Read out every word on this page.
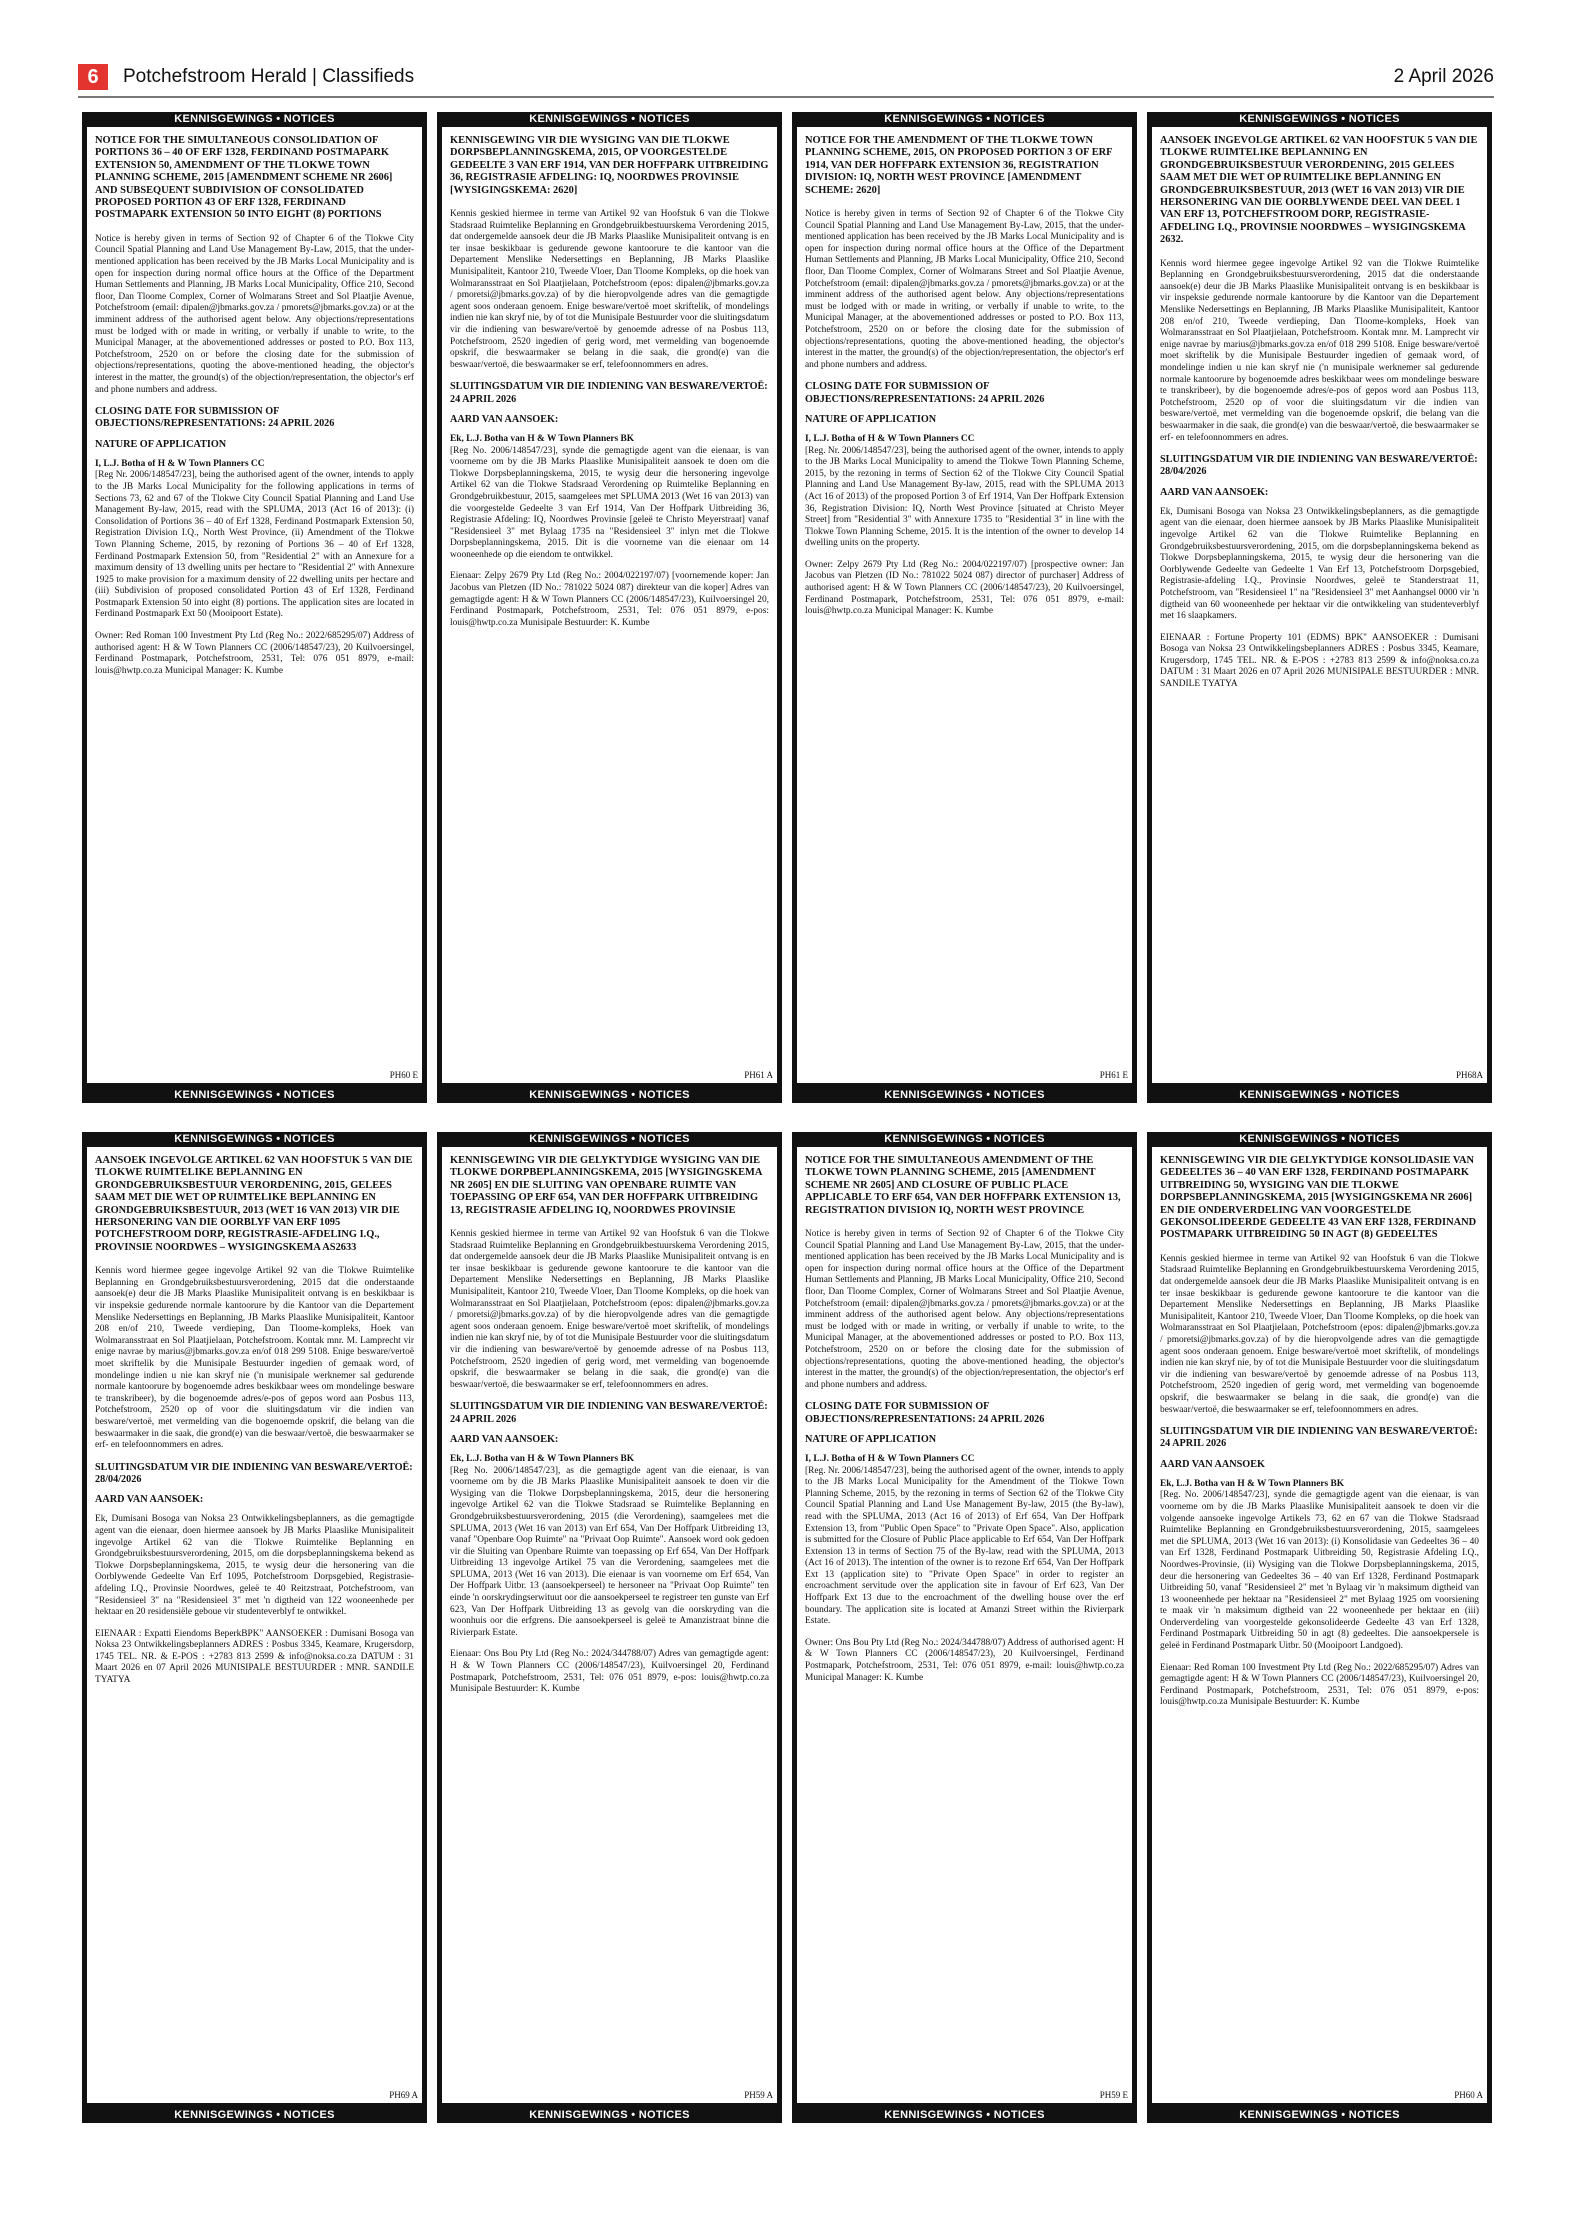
6	Potchefstroom Herald | Classifieds	2 April 2026
KENNISGEWINGS • NOTICES
NOTICE FOR THE SIMULTANEOUS CONSOLIDATION OF PORTIONS 36 – 40 OF ERF 1328, FERDINAND POSTMAPARK EXTENSION 50, AMENDMENT OF THE TLOKWE TOWN PLANNING SCHEME, 2015 [AMENDMENT SCHEME NR 2606] AND SUBSEQUENT SUBDIVISION OF CONSOLIDATED PROPOSED PORTION 43 OF ERF 1328, FERDINAND POSTMAPARK EXTENSION 50 INTO EIGHT (8) PORTIONS
Notice is hereby given in terms of Section 92 of Chapter 6 of the Tlokwe City Council Spatial Planning and Land Use Management By-Law, 2015, that the under-mentioned application has been received by the JB Marks Local Municipality and is open for inspection during normal office hours at the Office of the Department Human Settlements and Planning, JB Marks Local Municipality, Office 210, Second floor, Dan Tloome Complex, Corner of Wolmarans Street and Sol Plaatjie Avenue, Potchefstroom (email: dipalen@jbmarks.gov.za / pmorets@jbmarks.gov.za) or at the imminent address of the authorised agent below. Any objections/representations must be lodged with or made in writing, or verbally if unable to write, to the Municipal Manager, at the abovementioned addresses or posted to P.O. Box 113, Potchefstroom, 2520 on or before the closing date for the submission of objections/representations, quoting the above-mentioned heading, the objector's interest in the matter, the ground(s) of the objection/representation, the objector's erf and phone numbers and address.
CLOSING DATE FOR SUBMISSION OF OBJECTIONS/REPRESENTATIONS: 24 APRIL 2026
NATURE OF APPLICATION
I, L.J. Botha of H & W Town Planners CC
[Reg Nr. 2006/148547/23], being the authorised agent of the owner, intends to apply to the JB Marks Local Municipality for the following applications in terms of Sections 73, 62 and 67 of the Tlokwe City Council Spatial Planning and Land Use Management By-law, 2015, read with the SPLUMA, 2013 (Act 16 of 2013): (i) Consolidation of Portions 36 – 40 of Erf 1328, Ferdinand Postmapark Extension 50, Registration Division I.Q., North West Province, (ii) Amendment of the Tlokwe Town Planning Scheme, 2015, by rezoning of Portions 36 – 40 of Erf 1328, Ferdinand Postmapark Extension 50, from "Residential 2" with an Annexure for a maximum density of 13 dwelling units per hectare to "Residential 2" with Annexure 1925 to make provision for a maximum density of 22 dwelling units per hectare and (iii) Subdivision of proposed consolidated Portion 43 of Erf 1328, Ferdinand Postmapark Extension 50 into eight (8) portions. The application sites are located in Ferdinand Postmapark Ext 50 (Mooipoort Estate).
Owner: Red Roman 100 Investment Pty Ltd (Reg No.: 2022/685295/07) Address of authorised agent: H & W Town Planners CC (2006/148547/23), 20 Kuilvoersingel, Ferdinand Postmapark, Potchefstroom, 2531, Tel: 076 051 8979, e-mail: louis@hwtp.co.za Municipal Manager: K. Kumbe
PH60 E
KENNISGEWINGS • NOTICES
KENNISGEWINGS • NOTICES
KENNISGEWING VIR DIE WYSIGING VAN DIE TLOKWE DORPSBEPLANNINGSKEMA, 2015, OP VOORGESTELDE GEDEELTE 3 VAN ERF 1914, VAN DER HOFFPARK UITBREIDING 36, REGISTRASIE AFDELING: IQ, NOORDWES PROVINSIE [WYSIGINGSKEMA: 2620]
Kennis geskied hiermee in terme van Artikel 92 van Hoofstuk 6 van die Tlokwe Stadsraad Ruimtelike Beplanning en Grondgebruikbestuurskema Verordening 2015, dat ondergemelde aansoek deur die JB Marks Plaaslike Munisipaliteit ontvang is en ter insae beskikbaar is gedurende gewone kantoorure te die kantoor van die Departement Menslike Nedersettings en Beplanning, JB Marks Plaaslike Munisipaliteit, Kantoor 210, Tweede Vloer, Dan Tloome Kompleks, op die hoek van Wolmaransstraat en Sol Plaatjielaan, Potchefstroom (epos: dipalen@jbmarks.gov.za / pmoretsi@jbmarks.gov.za) of by die hieropvolgende adres van die gemagtigde agent soos onderaan genoem. Enige besware/vertoë moet skriftelik, of mondelings indien nie kan skryf nie, by of tot die Munisipale Bestuurder voor die sluitingsdatum vir die indiening van besware/vertoë by genoemde adresse of na Posbus 113, Potchefstroom, 2520 ingedien of gerig word, met vermelding van bogenoemde opskrif, die beswaarmaker se belang in die saak, die grond(e) van die beswaar/vertoë, die beswaarmaker se erf, telefoonnommers en adres.
SLUITINGSDATUM VIR DIE INDIENING VAN BESWARE/VERTOË: 24 APRIL 2026
AARD VAN AANSOEK:
Ek, L.J. Botha van H & W Town Planners BK
[Reg No. 2006/148547/23], synde die gemagtigde agent van die eienaar, is van voorneme om by die JB Marks Plaaslike Munisipaliteit aansoek te doen om die Tlokwe Dorpsbeplanningskema, 2015, te wysig deur die hersonering ingevolge Artikel 62 van die Tlokwe Stadsraad Verordening op Ruimtelike Beplanning en Grondgebruikbestuur, 2015, saamgelees met SPLUMA 2013 (Wet 16 van 2013) van die voorgestelde Gedeelte 3 van Erf 1914, Van Der Hoffpark Uitbreiding 36, Registrasie Afdeling: IQ, Noordwes Provinsie [geleë te Christo Meyerstraat] vanaf "Residensieel 3" met Bylaag 1735 na "Residensieel 3" inlyn met die Tlokwe Dorpsbeplanningskema, 2015. Dit is die voorneme van die eienaar om 14 wooneenhede op die eiendom te ontwikkel.
Eienaar: Zelpy 2679 Pty Ltd (Reg No.: 2004/022197/07) [voornemende koper: Jan Jacobus van Pletzen (ID No.: 781022 5024 087) direkteur van die koper] Adres van gemagtigde agent: H & W Town Planners CC (2006/148547/23), Kuilvoersingel 20, Ferdinand Postmapark, Potchefstroom, 2531, Tel: 076 051 8979, e-pos: louis@hwtp.co.za Munisipale Bestuurder: K. Kumbe
PH61 A
KENNISGEWINGS • NOTICES
KENNISGEWINGS • NOTICES
NOTICE FOR THE AMENDMENT OF THE TLOKWE TOWN PLANNING SCHEME, 2015, ON PROPOSED PORTION 3 OF ERF 1914, VAN DER HOFFPARK EXTENSION 36, REGISTRATION DIVISION: IQ, NORTH WEST PROVINCE [AMENDMENT SCHEME: 2620]
Notice is hereby given in terms of Section 92 of Chapter 6 of the Tlokwe City Council Spatial Planning and Land Use Management By-Law, 2015, that the under-mentioned application has been received by the JB Marks Local Municipality and is open for inspection during normal office hours at the Office of the Department Human Settlements and Planning, JB Marks Local Municipality, Office 210, Second floor, Dan Tloome Complex, Corner of Wolmarans Street and Sol Plaatjie Avenue, Potchefstroom (email: dipalen@jbmarks.gov.za / pmorets@jbmarks.gov.za) or at the imminent address of the authorised agent below. Any objections/representations must be lodged with or made in writing, or verbally if unable to write, to the Municipal Manager, at the abovementioned addresses or posted to P.O. Box 113, Potchefstroom, 2520 on or before the closing date for the submission of objections/representations, quoting the above-mentioned heading, the objector's interest in the matter, the ground(s) of the objection/representation, the objector's erf and phone numbers and address.
CLOSING DATE FOR SUBMISSION OF OBJECTIONS/REPRESENTATIONS: 24 APRIL 2026
NATURE OF APPLICATION
I, L.J. Botha of H & W Town Planners CC
[Reg. Nr. 2006/148547/23], being the authorised agent of the owner, intends to apply to the JB Marks Local Municipality to amend the Tlokwe Town Planning Scheme, 2015, by the rezoning in terms of Section 62 of the Tlokwe City Council Spatial Planning and Land Use Management By-law, 2015, read with the SPLUMA 2013 (Act 16 of 2013) of the proposed Portion 3 of Erf 1914, Van Der Hoffpark Extension 36, Registration Division: IQ, North West Province [situated at Christo Meyer Street] from "Residential 3" with Annexure 1735 to "Residential 3" in line with the Tlokwe Town Planning Scheme, 2015. It is the intention of the owner to develop 14 dwelling units on the property.
Owner: Zelpy 2679 Pty Ltd (Reg No.: 2004/022197/07) [prospective owner: Jan Jacobus van Pletzen (ID No.: 781022 5024 087) director of purchaser] Address of authorised agent: H & W Town Planners CC (2006/148547/23), 20 Kuilvoersingel, Ferdinand Postmapark, Potchefstroom, 2531, Tel: 076 051 8979, e-mail: louis@hwtp.co.za Municipal Manager: K. Kumbe
PH61 E
KENNISGEWINGS • NOTICES
KENNISGEWINGS • NOTICES
AANSOEK INGEVOLGE ARTIKEL 62 VAN HOOFSTUK 5 VAN DIE TLOKWE RUIMTELIKE BEPLANNING EN GRONDGEBRUIKSBESTUUR VERORDENING, 2015 GELEES SAAM MET DIE WET OP RUIMTELIKE BEPLANNING EN GRONDGEBRUIKSBESTUUR, 2013 (WET 16 VAN 2013) VIR DIE HERSONERING VAN DIE OORBLYWENDE DEEL VAN DEEL 1 VAN ERF 13, POTCHEFSTROOM DORP, REGISTRASIE-AFDELING I.Q., PROVINSIE NOORDWES – WYSIGINGSKEMA 2632.
Kennis word hiermee gegee ingevolge Artikel 92 van die Tlokwe Ruimtelike Beplanning en Grondgebruiksbestuursverordening, 2015 dat die onderstaande aansoek(e) deur die JB Marks Plaaslike Munisipaliteit ontvang is en beskikbaar is vir inspeksie gedurende normale kantoorure by die Kantoor van die Departement Menslike Nedersettings en Beplanning, JB Marks Plaaslike Munisipaliteit, Kantoor 208 en/of 210, Tweede verdieping, Dan Tloome-kompleks, Hoek van Wolmaransstraat en Sol Plaatjielaan, Potchefstroom. Kontak mnr. M. Lamprecht vir enige navrae by marius@jbmarks.gov.za en/of 018 299 5108. Enige besware/vertoë moet skriftelik by die Munisipale Bestuurder ingedien of gemaak word, of mondelinge indien u nie kan skryf nie ('n munisipale werknemer sal gedurende normale kantoorure by bogenoemde adres beskikbaar wees om mondelinge besware te transkribeer), by die bogenoemde adres/e-pos of gepos word aan Posbus 113, Potchefstroom, 2520 op of voor die sluitingsdatum vir die indien van besware/vertoë, met vermelding van die bogenoemde opskrif, die belang van die beswaarmaker in die saak, die grond(e) van die beswaar/vertoë, die beswaarmaker se erf- en telefoonnommers en adres.
SLUITINGSDATUM VIR DIE INDIENING VAN BESWARE/VERTOË: 28/04/2026
AARD VAN AANSOEK:
Ek, Dumisani Bosoga van Noksa 23 Ontwikkelingsbeplanners, as die gemagtigde agent van die eienaar, doen hiermee aansoek by JB Marks Plaaslike Munisipaliteit ingevolge Artikel 62 van die Tlokwe Ruimtelike Beplanning en Grondgebruiksbestuursverordening, 2015, om die dorpsbeplanningskema bekend as Tlokwe Dorpsbeplanningskema, 2015, te wysig deur die hersonering van die Oorblywende Gedeelte van Gedeelte 1 Van Erf 13, Potchefstroom Dorpsgebied, Registrasie-afdeling I.Q., Provinsie Noordwes, geleë te Standerstraat 11, Potchefstroom, van "Residensieel 1" na "Residensieel 3" met Aanhangsel 0000 vir 'n digtheid van 60 wooneenhede per hektaar vir die ontwikkeling van studenteverblyf met 16 slaapkamers.
EIENAAR : Fortune Property 101 (EDMS) BPK" AANSOEKER : Dumisani Bosoga van Noksa 23 Ontwikkelingsbeplanners ADRES : Posbus 3345, Keamare, Krugersdorp, 1745 TEL. NR. & E-POS : +2783 813 2599 & info@noksa.co.za DATUM : 31 Maart 2026 en 07 April 2026 MUNISIPALE BESTUURDER : MNR. SANDILE TYATYA
PH68A
KENNISGEWINGS • NOTICES
KENNISGEWINGS • NOTICES
AANSOEK INGEVOLGE ARTIKEL 62 VAN HOOFSTUK 5 VAN DIE TLOKWE RUIMTELIKE BEPLANNING EN GRONDGEBRUIKSBESTUUR VERORDENING, 2015, GELEES SAAM MET DIE WET OP RUIMTELIKE BEPLANNING EN GRONDGEBRUIKSBESTUUR, 2013 (WET 16 VAN 2013) VIR DIE HERSONERING VAN DIE OORBLYF VAN ERF 1095 POTCHEFSTROOM DORP, REGISTRASIE-AFDELING I.Q., PROVINSIE NOORDWES – WYSIGINGSKEMA AS2633
Kennis word hiermee gegee ingevolge Artikel 92 van die Tlokwe Ruimtelike Beplanning en Grondgebruiksbestuursverordening, 2015 dat die onderstaande aansoek(e) deur die JB Marks Plaaslike Munisipaliteit ontvang is en beskikbaar is vir inspeksie gedurende normale kantoorure by die Kantoor van die Departement Menslike Nedersettings en Beplanning, JB Marks Plaaslike Munisipaliteit, Kantoor 208 en/of 210, Tweede verdieping, Dan Tloome-kompleks, Hoek van Wolmaransstraat en Sol Plaatjielaan, Potchefstroom. Kontak mnr. M. Lamprecht vir enige navrae by marius@jbmarks.gov.za en/of 018 299 5108. Enige besware/vertoë moet skriftelik by die Munisipale Bestuurder ingedien of gemaak word, of mondelinge indien u nie kan skryf nie ('n munisipale werknemer sal gedurende normale kantoorure by bogenoemde adres beskikbaar wees om mondelinge besware te transkribeer), by die bogenoemde adres/e-pos of gepos word aan Posbus 113, Potchefstroom, 2520 op of voor die sluitingsdatum vir die indien van besware/vertoë, met vermelding van die bogenoemde opskrif, die belang van die beswaarmaker in die saak, die grond(e) van die beswaar/vertoë, die beswaarmaker se erf- en telefoonnommers en adres.
SLUITINGSDATUM VIR DIE INDIENING VAN BESWARE/VERTOË: 28/04/2026
AARD VAN AANSOEK:
Ek, Dumisani Bosoga van Noksa 23 Ontwikkelingsbeplanners, as die gemagtigde agent van die eienaar, doen hiermee aansoek by JB Marks Plaaslike Munisipaliteit ingevolge Artikel 62 van die Tlokwe Ruimtelike Beplanning en Grondgebruiksbestuursverordening, 2015, om die dorpsbeplanningskema bekend as Tlokwe Dorpsbeplanningskema, 2015, te wysig deur die hersonering van die Oorblywende Gedeelte Van Erf 1095, Potchefstroom Dorpsgebied, Registrasie-afdeling I.Q., Provinsie Noordwes, geleë te 40 Reitzstraat, Potchefstroom, van "Residensieel 3" na "Residensieel 3" met 'n digtheid van 122 wooneenhede per hektaar en 20 residensiële geboue vir studenteverblyf te ontwikkel.
EIENAAR : Expatti Eiendoms BeperkBPK" AANSOEKER : Dumisani Bosoga van Noksa 23 Ontwikkelingsbeplanners ADRES : Posbus 3345, Keamare, Krugersdorp, 1745 TEL. NR. & E-POS : +2783 813 2599 & info@noksa.co.za DATUM : 31 Maart 2026 en 07 April 2026 MUNISIPALE BESTUURDER : MNR. SANDILE TYATYA
PH69 A
KENNISGEWINGS • NOTICES
KENNISGEWINGS • NOTICES
KENNISGEWING VIR DIE GELYKTYDIGE WYSIGING VAN DIE TLOKWE DORPBEPLANNINGSKEMA, 2015 [WYSIGINGSKEMA NR 2605] EN DIE SLUITING VAN OPENBARE RUIMTE VAN TOEPASSING OP ERF 654, VAN DER HOFFPARK UITBREIDING 13, REGISTRASIE AFDELING IQ, NOORDWES PROVINSIE
Kennis geskied hiermee in terme van Artikel 92 van Hoofstuk 6 van die Tlokwe Stadsraad Ruimtelike Beplanning en Grondgebruikbestuurskema Verordening 2015, dat ondergemelde aansoek deur die JB Marks Plaaslike Munisipaliteit ontvang is en ter insae beskikbaar is gedurende gewone kantoorure te die kantoor van die Departement Menslike Nedersettings en Beplanning, JB Marks Plaaslike Munisipaliteit, Kantoor 210, Tweede Vloer, Dan Tloome Kompleks, op die hoek van Wolmaransstraat en Sol Plaatjielaan, Potchefstroom (epos: dipalen@jbmarks.gov.za / pmoretsi@jbmarks.gov.za) of by die hieropvolgende adres van die gemagtigde agent soos onderaan genoem. Enige besware/vertoë moet skriftelik, of mondelings indien nie kan skryf nie, by of tot die Munisipale Bestuurder voor die sluitingsdatum vir die indiening van besware/vertoë by genoemde adresse of na Posbus 113, Potchefstroom, 2520 ingedien of gerig word, met vermelding van bogenoemde opskrif, die beswaarmaker se belang in die saak, die grond(e) van die beswaar/vertoë, die beswaarmaker se erf, telefoonnommers en adres.
SLUITINGSDATUM VIR DIE INDIENING VAN BESWARE/VERTOË: 24 APRIL 2026
AARD VAN AANSOEK:
Ek, L.J. Botha van H & W Town Planners BK
[Reg No. 2006/148547/23], as die gemagtigde agent van die eienaar, is van voorneme om by die JB Marks Plaaslike Munisipaliteit aansoek te doen vir die Wysiging van die Tlokwe Dorpsbeplanningskema, 2015, deur die hersonering ingevolge Artikel 62 van die Tlokwe Stadsraad se Ruimtelike Beplanning en Grondgebruiksbestuursverordening, 2015 (die Verordening), saamgelees met die SPLUMA, 2013 (Wet 16 van 2013) van Erf 654, Van Der Hoffpark Uitbreiding 13, vanaf "Openbare Oop Ruimte" na "Privaat Oop Ruimte". Aansoek word ook gedoen vir die Sluiting van Openbare Ruimte van toepassing op Erf 654, Van Der Hoffpark Uitbreiding 13 ingevolge Artikel 75 van die Verordening, saamgelees met die SPLUMA, 2013 (Wet 16 van 2013). Die eienaar is van voorneme om Erf 654, Van Der Hoffpark Uitbr. 13 (aansoekperseel) te hersoneer na "Privaat Oop Ruimte" ten einde 'n oorskrydingserwituut oor die aansoekperseel te registreer ten gunste van Erf 623, Van Der Hoffpark Uitbreiding 13 as gevolg van die oorskryding van die woonhuis oor die erfgrens. Die aansoekperseel is geleë te Amanzistraat binne die Rivierpark Estate.
Eienaar: Ons Bou Pty Ltd (Reg No.: 2024/344788/07) Adres van gemagtigde agent: H & W Town Planners CC (2006/148547/23), Kuilvoersingel 20, Ferdinand Postmapark, Potchefstroom, 2531, Tel: 076 051 8979, e-pos: louis@hwtp.co.za Munisipale Bestuurder: K. Kumbe
PH59 A
KENNISGEWINGS • NOTICES
KENNISGEWINGS • NOTICES
NOTICE FOR THE SIMULTANEOUS AMENDMENT OF THE TLOKWE TOWN PLANNING SCHEME, 2015 [AMENDMENT SCHEME NR 2605] AND CLOSURE OF PUBLIC PLACE APPLICABLE TO ERF 654, VAN DER HOFFPARK EXTENSION 13, REGISTRATION DIVISION IQ, NORTH WEST PROVINCE
Notice is hereby given in terms of Section 92 of Chapter 6 of the Tlokwe City Council Spatial Planning and Land Use Management By-Law, 2015, that the under-mentioned application has been received by the JB Marks Local Municipality and is open for inspection during normal office hours at the Office of the Department Human Settlements and Planning, JB Marks Local Municipality, Office 210, Second floor, Dan Tloome Complex, Corner of Wolmarans Street and Sol Plaatjie Avenue, Potchefstroom (email: dipalen@jbmarks.gov.za / pmorets@jbmarks.gov.za) or at the imminent address of the authorised agent below. Any objections/representations must be lodged with or made in writing, or verbally if unable to write, to the Municipal Manager, at the abovementioned addresses or posted to P.O. Box 113, Potchefstroom, 2520 on or before the closing date for the submission of objections/representations, quoting the above-mentioned heading, the objector's interest in the matter, the ground(s) of the objection/representation, the objector's erf and phone numbers and address.
CLOSING DATE FOR SUBMISSION OF OBJECTIONS/REPRESENTATIONS: 24 APRIL 2026
NATURE OF APPLICATION
I, L.J. Botha of H & W Town Planners CC
[Reg. Nr. 2006/148547/23], being the authorised agent of the owner, intends to apply to the JB Marks Local Municipality for the Amendment of the Tlokwe Town Planning Scheme, 2015, by the rezoning in terms of Section 62 of the Tlokwe City Council Spatial Planning and Land Use Management By-law, 2015 (the By-law), read with the SPLUMA, 2013 (Act 16 of 2013) of Erf 654, Van Der Hoffpark Extension 13, from "Public Open Space" to "Private Open Space". Also, application is submitted for the Closure of Public Place applicable to Erf 654, Van Der Hoffpark Extension 13 in terms of Section 75 of the By-law, read with the SPLUMA, 2013 (Act 16 of 2013). The intention of the owner is to rezone Erf 654, Van Der Hoffpark Ext 13 (application site) to "Private Open Space" in order to register an encroachment servitude over the application site in favour of Erf 623, Van Der Hoffpark Ext 13 due to the encroachment of the dwelling house over the erf boundary. The application site is located at Amanzi Street within the Rivierpark Estate.
Owner: Ons Bou Pty Ltd (Reg No.: 2024/344788/07) Address of authorised agent: H & W Town Planners CC (2006/148547/23), 20 Kuilvoersingel, Ferdinand Postmapark, Potchefstroom, 2531, Tel: 076 051 8979, e-mail: louis@hwtp.co.za Municipal Manager: K. Kumbe
PH59 E
KENNISGEWINGS • NOTICES
KENNISGEWINGS • NOTICES
KENNISGEWING VIR DIE GELYKTYDIGE KONSOLIDASIE VAN GEDEELTES 36 – 40 VAN ERF 1328, FERDINAND POSTMAPARK UITBREIDING 50, WYSIGING VAN DIE TLOKWE DORPSBEPLANNINGSKEMA, 2015 [WYSIGINGSKEMA NR 2606] EN DIE ONDERVERDELING VAN VOORGESTELDE GEKONSOLIDEERDE GEDEELTE 43 VAN ERF 1328, FERDINAND POSTMAPARK UITBREIDING 50 IN AGT (8) GEDEELTES
Kennis geskied hiermee in terme van Artikel 92 van Hoofstuk 6 van die Tlokwe Stadsraad Ruimtelike Beplanning en Grondgebruikbestuurskema Verordening 2015, dat ondergemelde aansoek deur die JB Marks Plaaslike Munisipaliteit ontvang is en ter insae beskikbaar is gedurende gewone kantoorure te die kantoor van die Departement Menslike Nedersettings en Beplanning, JB Marks Plaaslike Munisipaliteit, Kantoor 210, Tweede Vloer, Dan Tloome Kompleks, op die hoek van Wolmaransstraat en Sol Plaatjielaan, Potchefstroom (epos: dipalen@jbmarks.gov.za / pmoretsi@jbmarks.gov.za) of by die hieropvolgende adres van die gemagtigde agent soos onderaan genoem. Enige besware/vertoë moet skriftelik, of mondelings indien nie kan skryf nie, by of tot die Munisipale Bestuurder voor die sluitingsdatum vir die indiening van besware/vertoë by genoemde adresse of na Posbus 113, Potchefstroom, 2520 ingedien of gerig word, met vermelding van bogenoemde opskrif, die beswaarmaker se belang in die saak, die grond(e) van die beswaar/vertoë, die beswaarmaker se erf, telefoonnommers en adres.
SLUITINGSDATUM VIR DIE INDIENING VAN BESWARE/VERTOË: 24 APRIL 2026
AARD VAN AANSOEK
Ek, L.J. Botha van H & W Town Planners BK
[Reg. No. 2006/148547/23], synde die gemagtigde agent van die eienaar, is van voorneme om by die JB Marks Plaaslike Munisipaliteit aansoek te doen vir die volgende aansoeke ingevolge Artikels 73, 62 en 67 van die Tlokwe Stadsraad Ruimtelike Beplanning en Grondgebruiksbestuursverordening, 2015, saamgelees met die SPLUMA, 2013 (Wet 16 van 2013): (i) Konsolidasie van Gedeeltes 36 – 40 van Erf 1328, Ferdinand Postmapark Uitbreiding 50, Registrasie Afdeling I.Q., Noordwes-Provinsie, (ii) Wysiging van die Tlokwe Dorpsbeplanningskema, 2015, deur die hersonering van Gedeeltes 36 – 40 van Erf 1328, Ferdinand Postmapark Uitbreiding 50, vanaf "Residensieel 2" met 'n Bylaag vir 'n maksimum digtheid van 13 wooneenhede per hektaar na "Residensieel 2" met Bylaag 1925 om voorsiening te maak vir 'n maksimum digtheid van 22 wooneenhede per hektaar en (iii) Onderverdeling van voorgestelde gekonsolideerde Gedeelte 43 van Erf 1328, Ferdinand Postmapark Uitbreiding 50 in agt (8) gedeeltes. Die aansoekpersele is geleë in Ferdinand Postmapark Uitbr. 50 (Mooipoort Landgoed).
Eienaar: Red Roman 100 Investment Pty Ltd (Reg No.: 2022/685295/07) Adres van gemagtigde agent: H & W Town Planners CC (2006/148547/23), Kuilvoersingel 20, Ferdinand Postmapark, Potchefstroom, 2531, Tel: 076 051 8979, e-pos: louis@hwtp.co.za Munisipale Bestuurder: K. Kumbe
PH60 A
KENNISGEWINGS • NOTICES
